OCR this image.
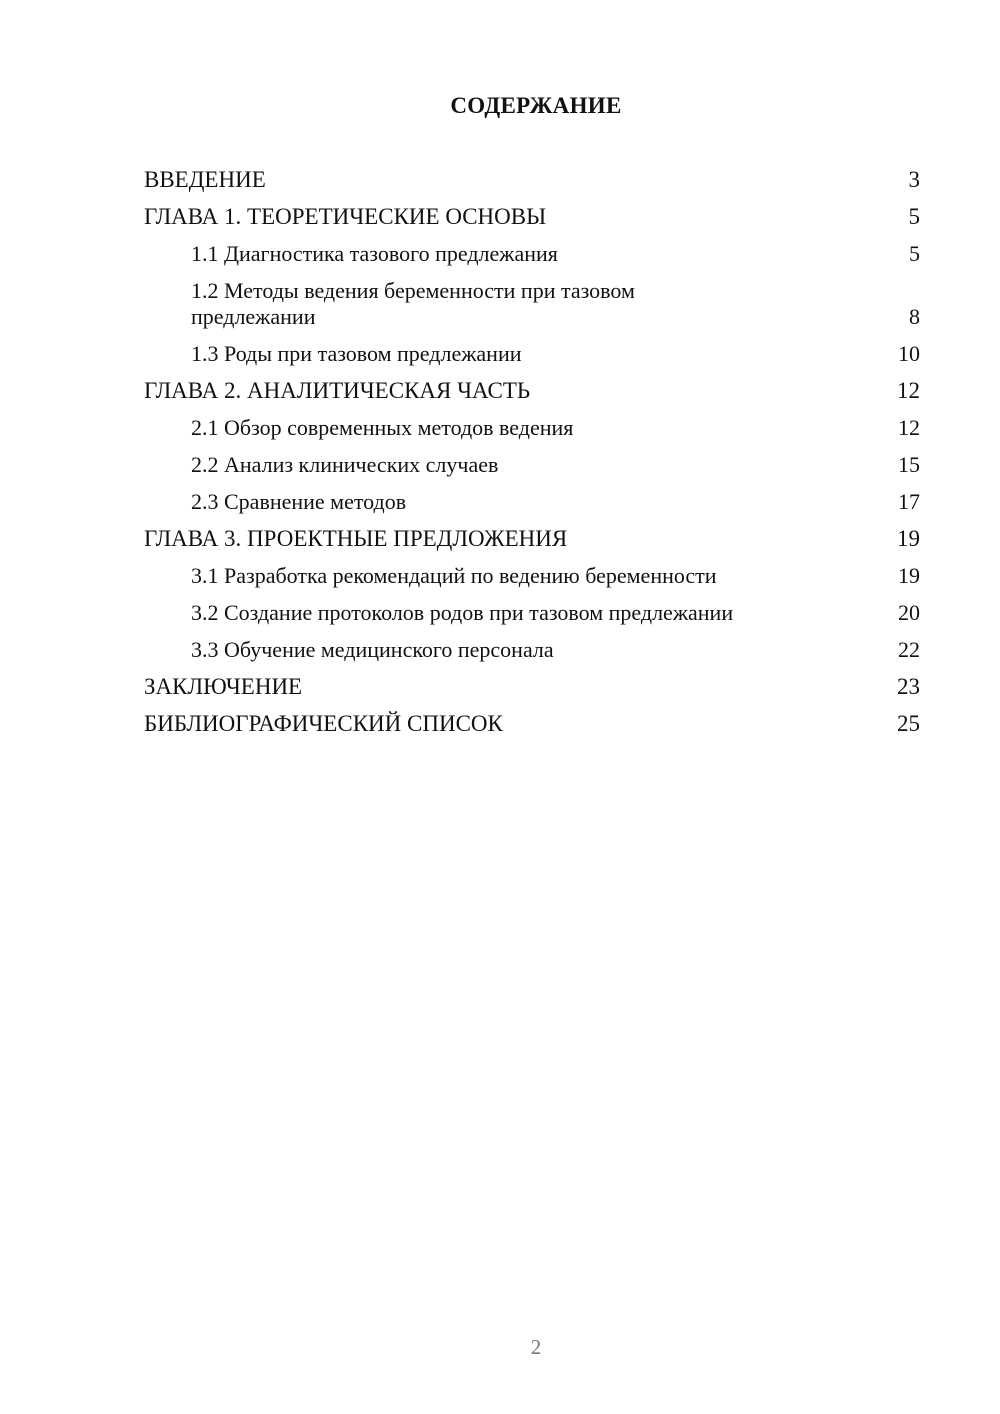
СОДЕРЖАНИЕ
ВВЕДЕНИЕ	3
ГЛАВА 1. ТЕОРЕТИЧЕСКИЕ ОСНОВЫ	5
1.1 Диагностика тазового предлежания	5
1.2 Методы ведения беременности при тазовом предлежании	8
1.3 Роды при тазовом предлежании	10
ГЛАВА 2. АНАЛИТИЧЕСКАЯ ЧАСТЬ	12
2.1 Обзор современных методов ведения	12
2.2 Анализ клинических случаев	15
2.3 Сравнение методов	17
ГЛАВА 3. ПРОЕКТНЫЕ ПРЕДЛОЖЕНИЯ	19
3.1 Разработка рекомендаций по ведению беременности	19
3.2 Создание протоколов родов при тазовом предлежании	20
3.3 Обучение медицинского персонала	22
ЗАКЛЮЧЕНИЕ	23
БИБЛИОГРАФИЧЕСКИЙ СПИСОК	25
2
